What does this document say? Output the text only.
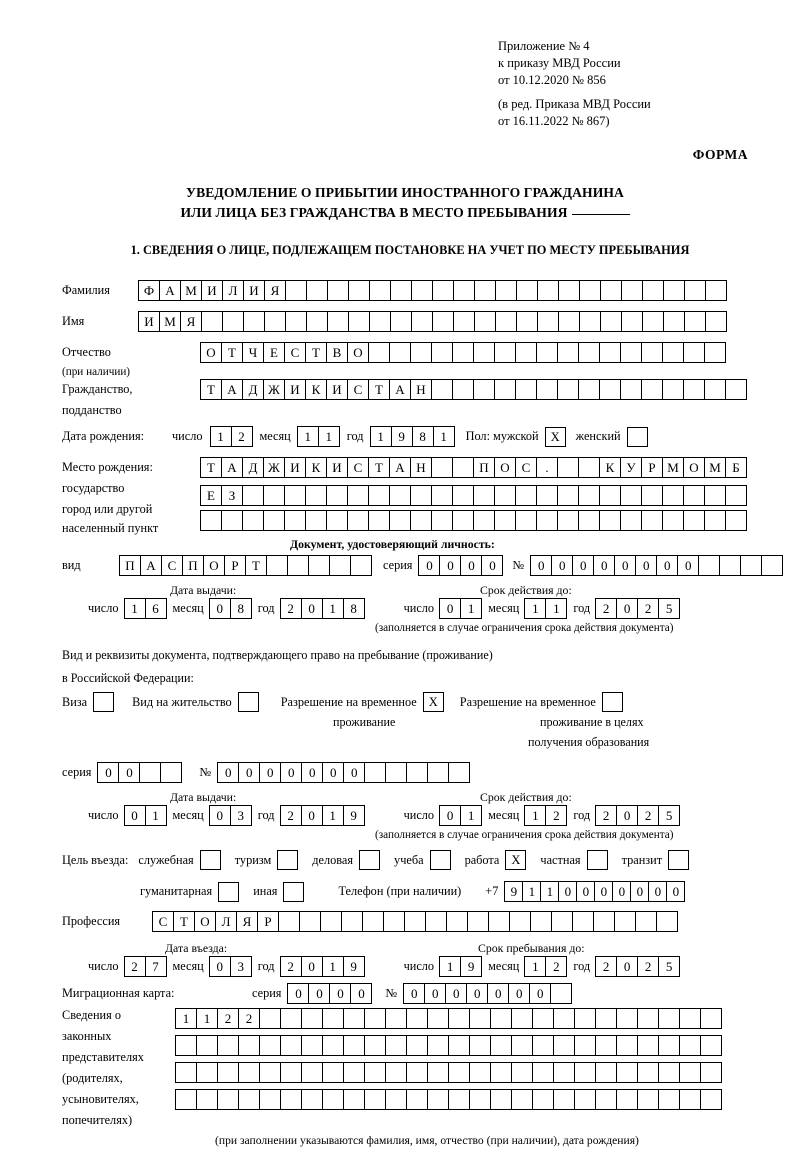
Приложение № 4
к приказу МВД России
от 10.12.2020 № 856
(в ред. Приказа МВД России
от 16.11.2022 № 867)
ФОРМА
УВЕДОМЛЕНИЕ О ПРИБЫТИИ ИНОСТРАННОГО ГРАЖДАНИНА
ИЛИ ЛИЦА БЕЗ ГРАЖДАНСТВА В МЕСТО ПРЕБЫВАНИЯ
1. СВЕДЕНИЯ О ЛИЦЕ, ПОДЛЕЖАЩЕМ ПОСТАНОВКЕ НА УЧЕТ ПО МЕСТУ ПРЕБЫВАНИЯ
Фамилия	Ф А М И Л И Я
Имя	И М Я
Отчество	О Т Ч Е С Т В О
(при наличии)
Гражданство,	Т А Д Ж И К И С Т А Н
подданство
Дата рождения:	число	1	2	месяц	1	1	год	1	9	8	1	Пол: мужской Х	женский
Место рождения:	Т А Д Ж И К И С Т А Н	П О С	.	К У Р М О М Б
государство	Е	З
город или другой
населенный пункт
Документ, удостоверяющий личность:
вид	П А С П О Р	Т	серия	0	0	0	0	№	0	0	0	0	0	0	0	0
Дата выдачи:	Срок действия до:
число 1	6	месяц 0	8	год 2	0	1	8	число 0	1	месяц 1	1	год 2	0	2	5
(заполняется в случае ограничения срока действия документа)
Вид и реквизиты документа, подтверждающего право на пребывание (проживание)
в Российской Федерации:
Виза	Вид на жительство	Разрешение на временное Х	Разрешение на временное
проживание	проживание в целях
получения образования
серия	0	0	№	0	0	0	0	0	0	0
Дата выдачи:	Срок действия до:
число 0	1	месяц 0	3	год 2	0	1	9	число 0	1	месяц 1	2	год 2	0	2	5
(заполняется в случае ограничения срока действия документа)
Цель въезда: служебная	туризм	деловая	учеба	работа Х	частная	транзит
гуманитарная	иная	Телефон (при наличии) +7 9 1 1 0 0 0 0 0 0 0
Профессия	С Т О Л Я	Р
Дата въезда:	Срок пребывания до:
число 2	7	месяц 0	3	год 2	0	1	9	число 1	9	месяц 1	2	год 2	0	2	5
Миграционная карта:	серия	0	0	0	0	№	0	0	0	0	0	0	0
Сведения о
законных
представителях
(родителях,
усыновителях,
попечителях)
1	1	2	2
(при заполнении указываются фамилия, имя, отчество (при наличии), дата рождения)
